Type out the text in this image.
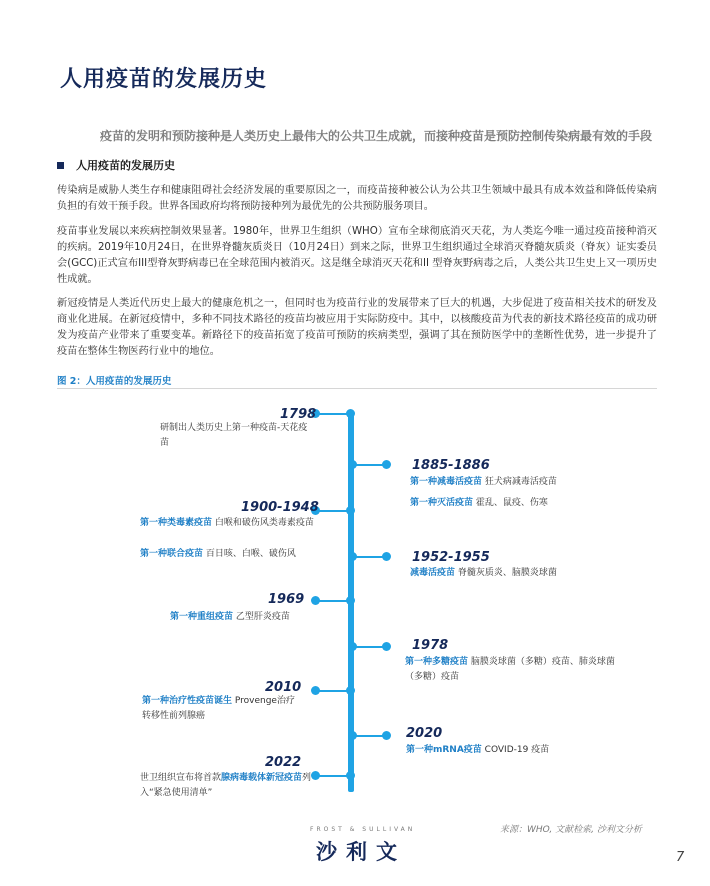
人用疫苗的发展历史
疫苗的发明和预防接种是人类历史上最伟大的公共卫生成就，而接种疫苗是预防控制传染病最有效的手段
人用疫苗的发展历史
传染病是威胁人类生存和健康阻碍社会经济发展的重要原因之一，而疫苗接种被公认为公共卫生领域中最具有成本效益和降低传染病负担的有效干预手段。世界各国政府均将预防接种列为最优先的公共预防服务项目。
疫苗事业发展以来疾病控制效果显著。1980年，世界卫生组织（WHO）宣布全球彻底消灭天花，为人类迄今唯一通过疫苗接种消灭的疾病。2019年10月24日，在世界脊髓灰质炎日（10月24日）到来之际，世界卫生组织通过全球消灭脊髓灰质炎（脊灰）证实委员会(GCC)正式宣布III型脊灰野病毒已在全球范围内被消灭。这是继全球消灭天花和II 型脊灰野病毒之后，人类公共卫生史上又一项历史性成就。
新冠疫情是人类近代历史上最大的健康危机之一，但同时也为疫苗行业的发展带来了巨大的机遇，大步促进了疫苗相关技术的研发及商业化进展。在新冠疫情中，多种不同技术路径的疫苗均被应用于实际防疫中。其中，以核酸疫苗为代表的新技术路径疫苗的成功研发为疫苗产业带来了重要变革。新路径下的疫苗拓宽了疫苗可预防的疾病类型，强调了其在预防医学中的垄断性优势，进一步提升了疫苗在整体生物医药行业中的地位。
图 2：人用疫苗的发展历史
1798
研制出人类历史上第一种疫苗-天花疫苗
1885-1886
第一种减毒活疫苗 狂犬病减毒活疫苗
第一种灭活疫苗 霍乱、鼠疫、伤寒
1900-1948
第一种类毒素疫苗 白喉和破伤风类毒素疫苗
第一种联合疫苗 百日咳、白喉、破伤风	1952-1955
减毒活疫苗 脊髓灰质炎、脑膜炎球菌
1969
第一种重组疫苗 乙型肝炎疫苗
1978
第一种多糖疫苗 脑膜炎球菌（多糖）疫苗、肺炎球菌（多糖）疫苗
2010
第一种治疗性疫苗诞生 Provenge治疗转移性前列腺癌
2020
第一种mRNA疫苗 COVID-19 疫苗
2022
世卫组织宣布将首款腺病毒载体新冠疫苗列入“紧急使用清单”
FROST & SULLIVAN
沙利文
来源：WHO, 文献检索, 沙利文分析
7
